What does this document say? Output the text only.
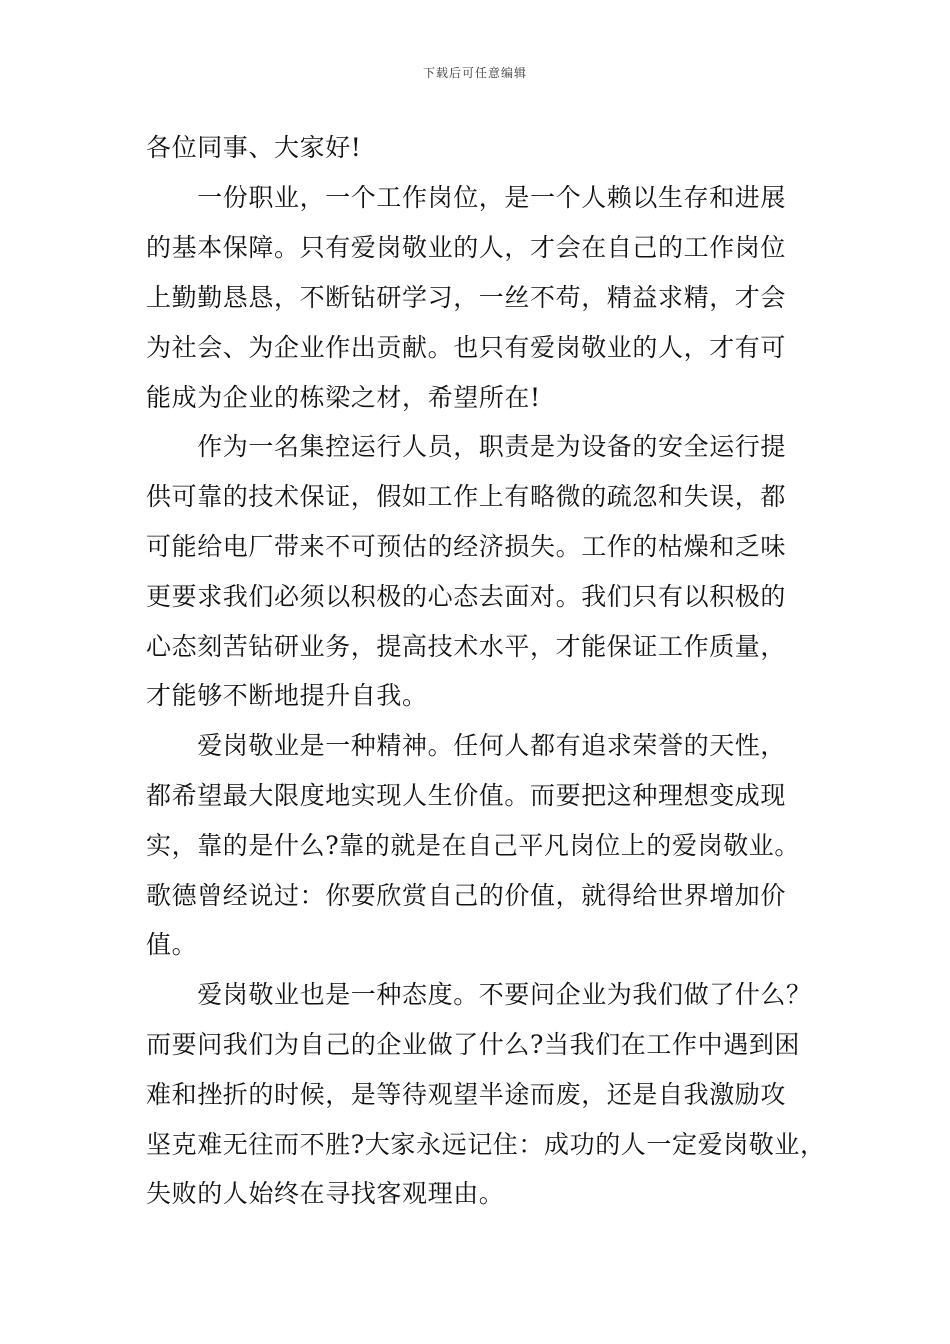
下载后可任意编辑
各位同事、大家好!
　　一份职业，一个工作岗位，是一个人赖以生存和进展
的基本保障。只有爱岗敬业的人，才会在自己的工作岗位
上勤勤恳恳，不断钻研学习，一丝不苟，精益求精，才会
为社会、为企业作出贡献。也只有爱岗敬业的人，才有可
能成为企业的栋梁之材，希望所在!
　　作为一名集控运行人员，职责是为设备的安全运行提
供可靠的技术保证，假如工作上有略微的疏忽和失误，都
可能给电厂带来不可预估的经济损失。工作的枯燥和乏味
更要求我们必须以积极的心态去面对。我们只有以积极的
心态刻苦钻研业务，提高技术水平，才能保证工作质量，
才能够不断地提升自我。
　　爱岗敬业是一种精神。任何人都有追求荣誉的天性，
都希望最大限度地实现人生价值。而要把这种理想变成现
实，靠的是什么?靠的就是在自己平凡岗位上的爱岗敬业。
歌德曾经说过：你要欣赏自己的价值，就得给世界增加价
值。
　　爱岗敬业也是一种态度。不要问企业为我们做了什么？
而要问我们为自己的企业做了什么?当我们在工作中遇到困
难和挫折的时候，是等待观望半途而废，还是自我激励攻
坚克难无往而不胜?大家永远记住：成功的人一定爱岗敬业，
失败的人始终在寻找客观理由。
